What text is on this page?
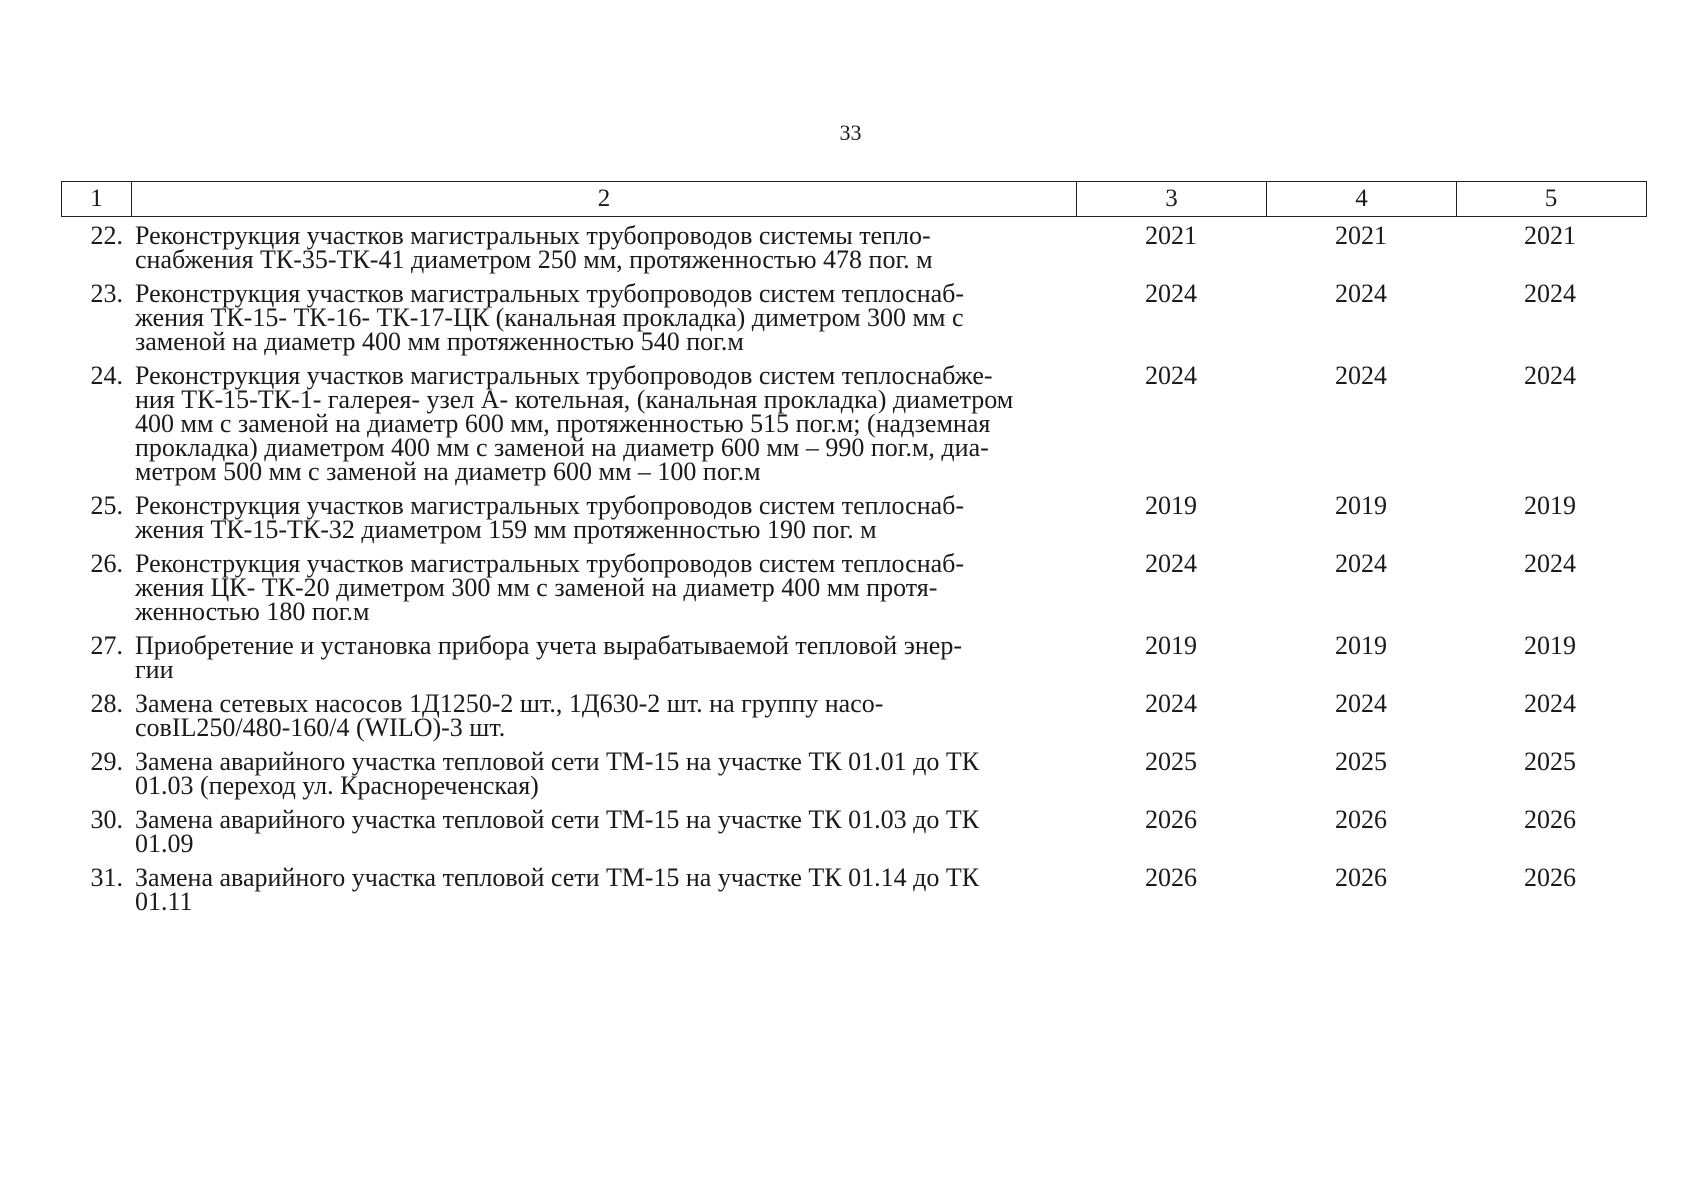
33
1	2	3	4	5
22. Реконструкция участков магистральных трубопроводов системы тепло-
снабжения ТК-35-ТК-41 диаметром 250 мм, протяженностью 478 пог. м
2021	2021	2021
23. Реконструкция участков магистральных трубопроводов систем теплоснаб-
жения ТК-15- ТК-16- ТК-17-ЦК (канальная прокладка) диметром 300 мм с
заменой на диаметр 400 мм протяженностью 540 пог.м
2024	2024	2024
24. Реконструкция участков магистральных трубопроводов систем теплоснабже-
ния ТК-15-ТК-1- галерея- узел А- котельная, (канальная прокладка) диаметром
400 мм с заменой на диаметр 600 мм, протяженностью 515 пог.м; (надземная
прокладка) диаметром 400 мм с заменой на диаметр 600 мм – 990 пог.м, диа-
метром 500 мм с заменой на диаметр 600 мм – 100 пог.м
2024	2024	2024
25. Реконструкция участков магистральных трубопроводов систем теплоснаб-
жения ТК-15-ТК-32 диаметром 159 мм протяженностью 190 пог. м
2019	2019	2019
26. Реконструкция участков магистральных трубопроводов систем теплоснаб-
жения ЦК- ТК-20 диметром 300 мм с заменой на диаметр 400 мм протя-
женностью 180 пог.м
2024	2024	2024
27. Приобретение и установка прибора учета вырабатываемой тепловой энер-
гии
2019	2019	2019
28. Замена сетевых насосов 1Д1250-2 шт., 1Д630-2 шт. на группу насо-
совIL250/480-160/4 (WILO)-3 шт.
2024	2024	2024
29. Замена аварийного участка тепловой сети ТМ-15 на участке ТК 01.01 до ТК
01.03 (переход ул. Краснореченская)
2025	2025	2025
30. Замена аварийного участка тепловой сети ТМ-15 на участке ТК 01.03 до ТК
01.09
2026	2026	2026
31. Замена аварийного участка тепловой сети ТМ-15 на участке ТК 01.14 до ТК
01.11
2026	2026	2026
